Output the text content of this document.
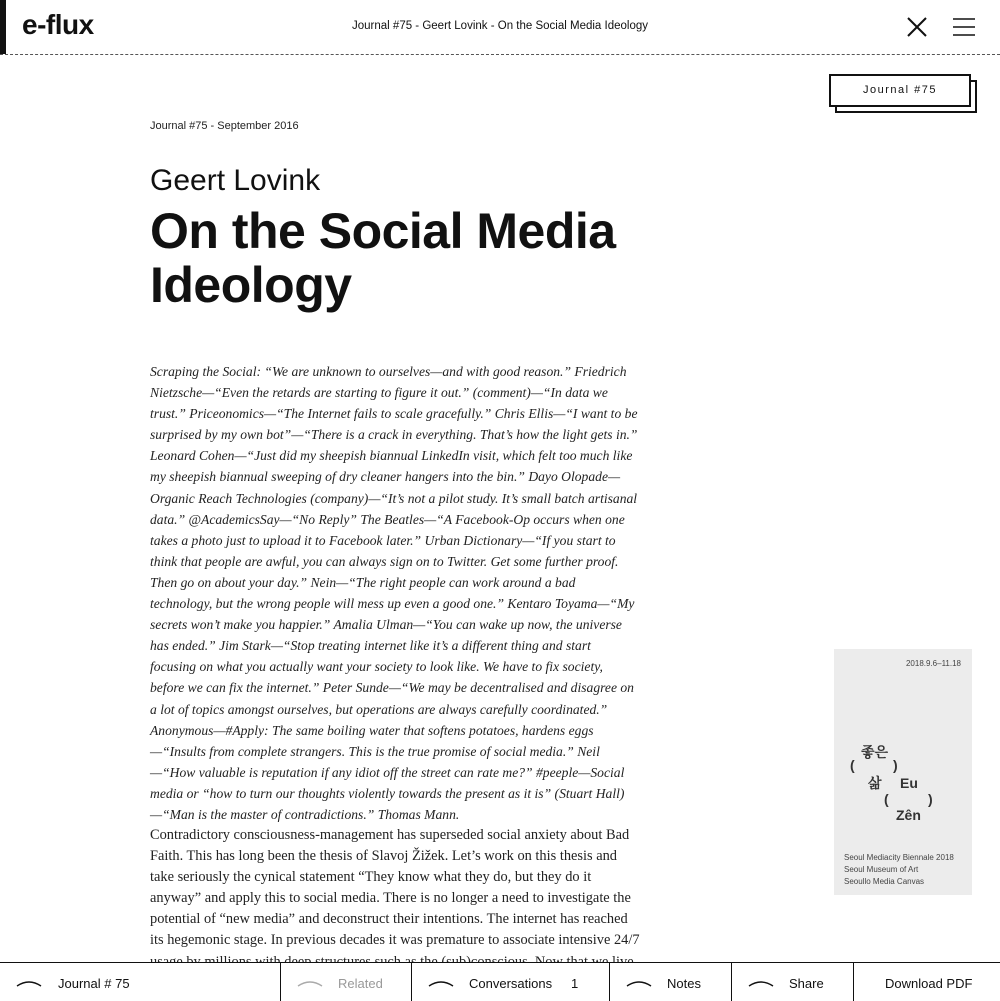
e-flux	Journal #75 - Geert Lovink - On the Social Media Ideology
Journal #75
Journal #75 - September 2016
Geert Lovink
On the Social Media Ideology
Scraping the Social: “We are unknown to ourselves—and with good reason.” Friedrich Nietzsche—“Even the retards are starting to figure it out.” (comment)—“In data we trust.” Priceonomics—“The Internet fails to scale gracefully.” Chris Ellis—“I want to be surprised by my own bot”—“There is a crack in everything. That’s how the light gets in.” Leonard Cohen—“Just did my sheepish biannual LinkedIn visit, which felt too much like my sheepish biannual sweeping of dry cleaner hangers into the bin.” Dayo Olopade—Organic Reach Technologies (company)—“It’s not a pilot study. It’s small batch artisanal data.” @AcademicsSay—“No Reply” The Beatles—“A Facebook-Op occurs when one takes a photo just to upload it to Facebook later.” Urban Dictionary—“If you start to think that people are awful, you can always sign on to Twitter. Get some further proof. Then go on about your day.” Nein—“The right people can work around a bad technology, but the wrong people will mess up even a good one.” Kentaro Toyama—“My secrets won’t make you happier.” Amalia Ulman—“You can wake up now, the universe has ended.” Jim Stark—“Stop treating internet like it’s a different thing and start focusing on what you actually want your society to look like. We have to fix society, before we can fix the internet.” Peter Sunde—“We may be decentralised and disagree on a lot of topics amongst ourselves, but operations are always carefully coordinated.” Anonymous—#Apply: The same boiling water that softens potatoes, hardens eggs—“Insults from complete strangers. This is the true promise of social media.” Neil—“How valuable is reputation if any idiot off the street can rate me?” #peeple—Social media or “how to turn our thoughts violently towards the present as it is” (Stuart Hall)—“Man is the master of contradictions.” Thomas Mann.
Contradictory consciousness-management has superseded social anxiety about Bad Faith. This has long been the thesis of Slavoj Žižek. Let’s work on this thesis and take seriously the cynical statement “They know what they do, but they do it anyway” and apply this to social media. There is no longer a need to investigate the potential of “new media” and deconstruct their intentions. The internet has reached its hegemonic stage. In previous decades it was premature to associate intensive 24/7
2018.9.6–11.18
좋은
(	)
삶 Eu
(	)
Zên
Seoul Mediacity Biennale 2018
Seoul Museum of Art
Seoullo Media Canvas
Journal # 75	Related	Conversations 1	Notes	Share	Download PDF
